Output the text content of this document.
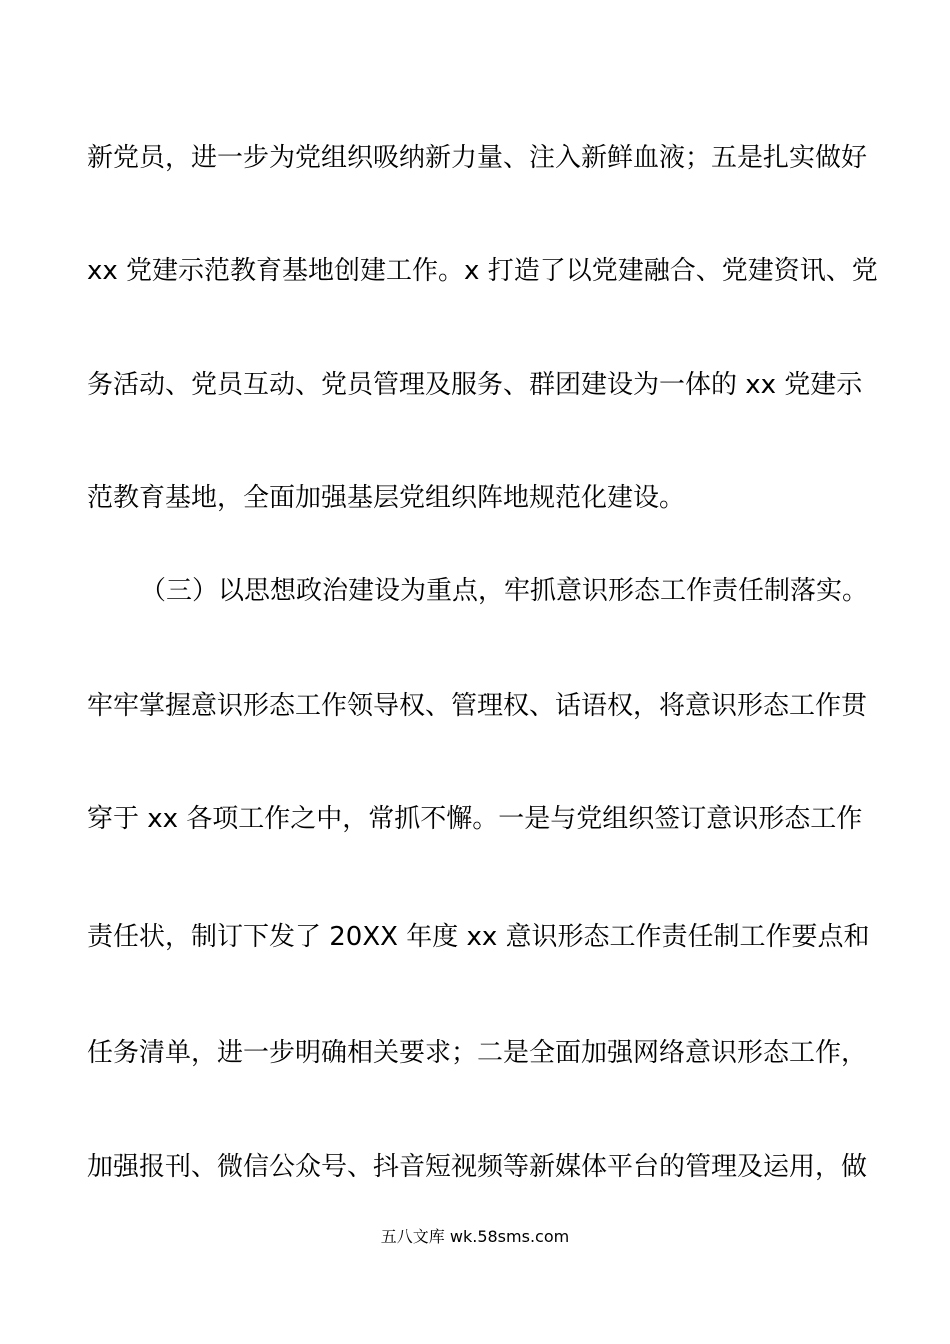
新党员，进一步为党组织吸纳新力量、注入新鲜血液；五是扎实做好
xx 党建示范教育基地创建工作。x 打造了以党建融合、党建资讯、党
务活动、党员互动、党员管理及服务、群团建设为一体的 xx 党建示
范教育基地，全面加强基层党组织阵地规范化建设。
（三）以思想政治建设为重点，牢抓意识形态工作责任制落实。
牢牢掌握意识形态工作领导权、管理权、话语权，将意识形态工作贯
穿于 xx 各项工作之中，常抓不懈。一是与党组织签订意识形态工作
责任状，制订下发了 20XX 年度 xx 意识形态工作责任制工作要点和
任务清单，进一步明确相关要求；二是全面加强网络意识形态工作，
加强报刊、微信公众号、抖音短视频等新媒体平台的管理及运用，做
五八文库 wk.58sms.com
